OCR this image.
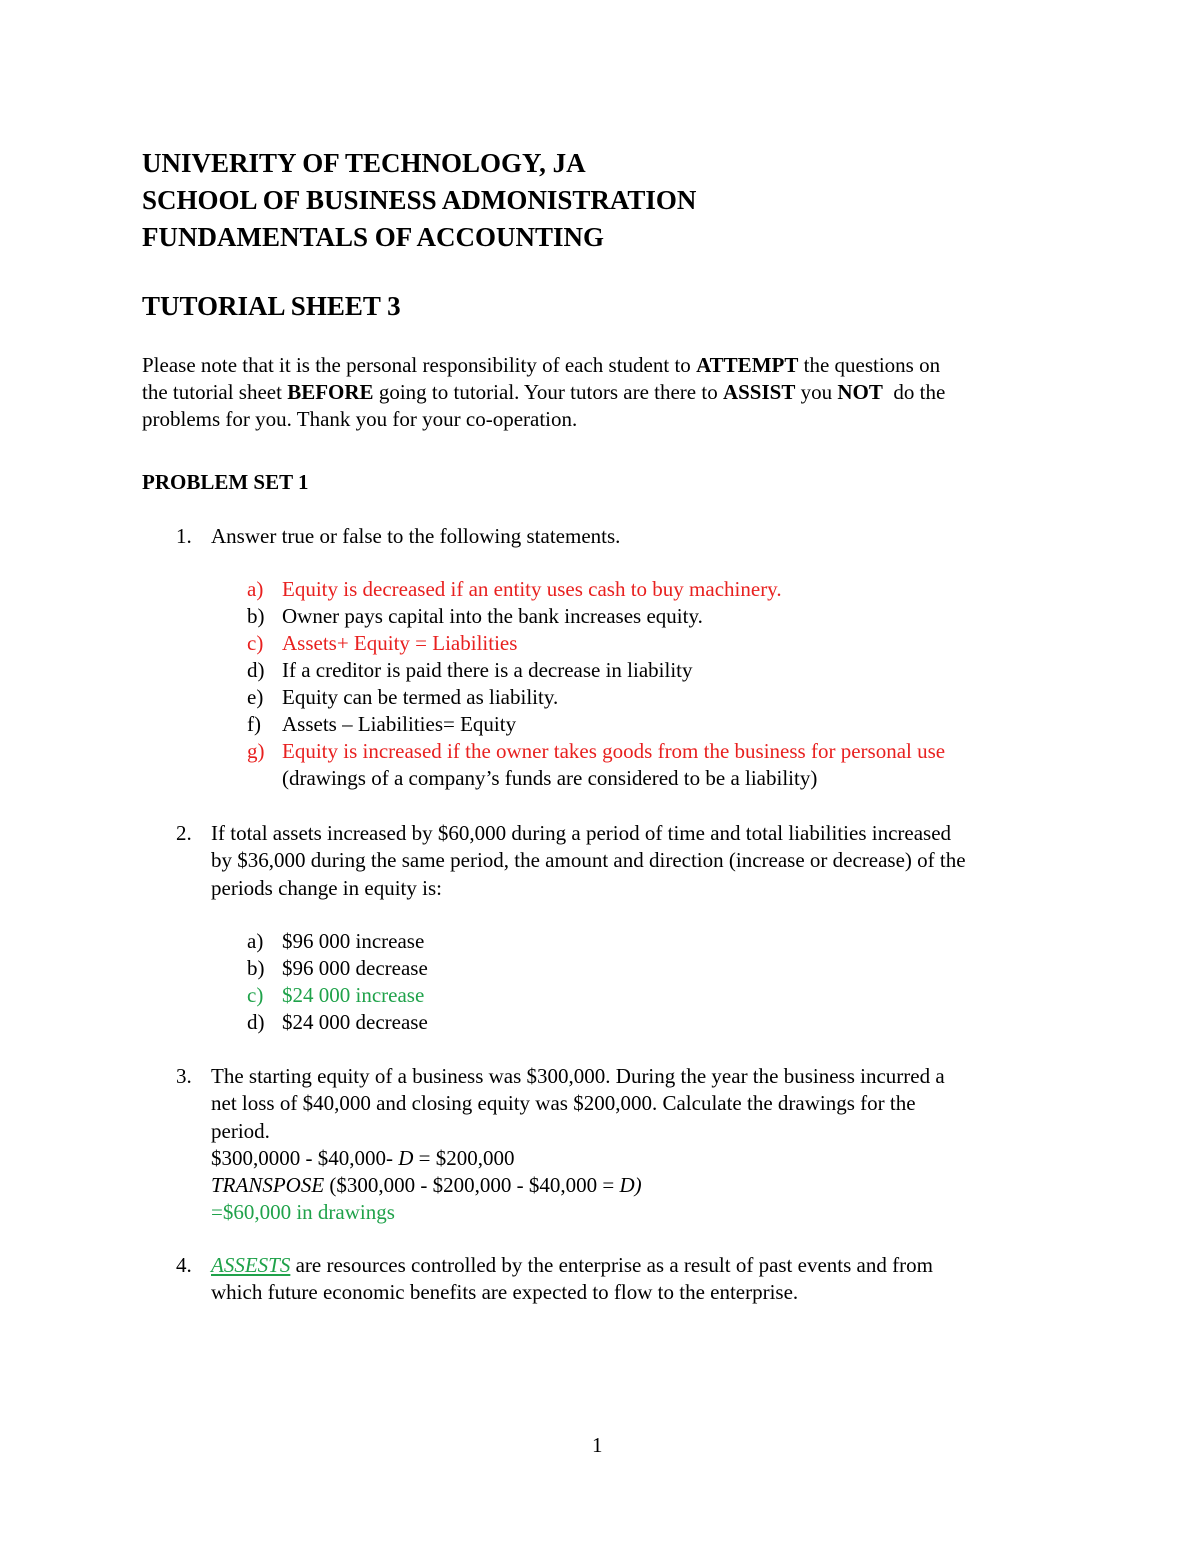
UNIVERITY OF TECHNOLOGY, JA
SCHOOL OF BUSINESS ADMONISTRATION
FUNDAMENTALS OF ACCOUNTING
TUTORIAL SHEET 3
Please note that it is the personal responsibility of each student to ATTEMPT the questions on
the tutorial sheet BEFORE going to tutorial. Your tutors are there to ASSIST you NOT  do the
problems for you. Thank you for your co-operation.
PROBLEM SET 1
1. Answer true or false to the following statements.
a) Equity is decreased if an entity uses cash to buy machinery.
b) Owner pays capital into the bank increases equity.
c) Assets+ Equity = Liabilities
d) If a creditor is paid there is a decrease in liability
e) Equity can be termed as liability.
f) Assets – Liabilities= Equity
g) Equity is increased if the owner takes goods from the business for personal use
(drawings of a company’s funds are considered to be a liability)
2. If total assets increased by $60,000 during a period of time and total liabilities increased
by $36,000 during the same period, the amount and direction (increase or decrease) of the
periods change in equity is:
a) $96 000 increase
b) $96 000 decrease
c) $24 000 increase
d) $24 000 decrease
3. The starting equity of a business was $300,000. During the year the business incurred a
net loss of $40,000 and closing equity was $200,000. Calculate the drawings for the
period.
$300,0000 - $40,000- D = $200,000
TRANSPOSE ($300,000 - $200,000 - $40,000 = D)
=$60,000 in drawings
4. ASSESTS are resources controlled by the enterprise as a result of past events and from
which future economic benefits are expected to flow to the enterprise.
1
